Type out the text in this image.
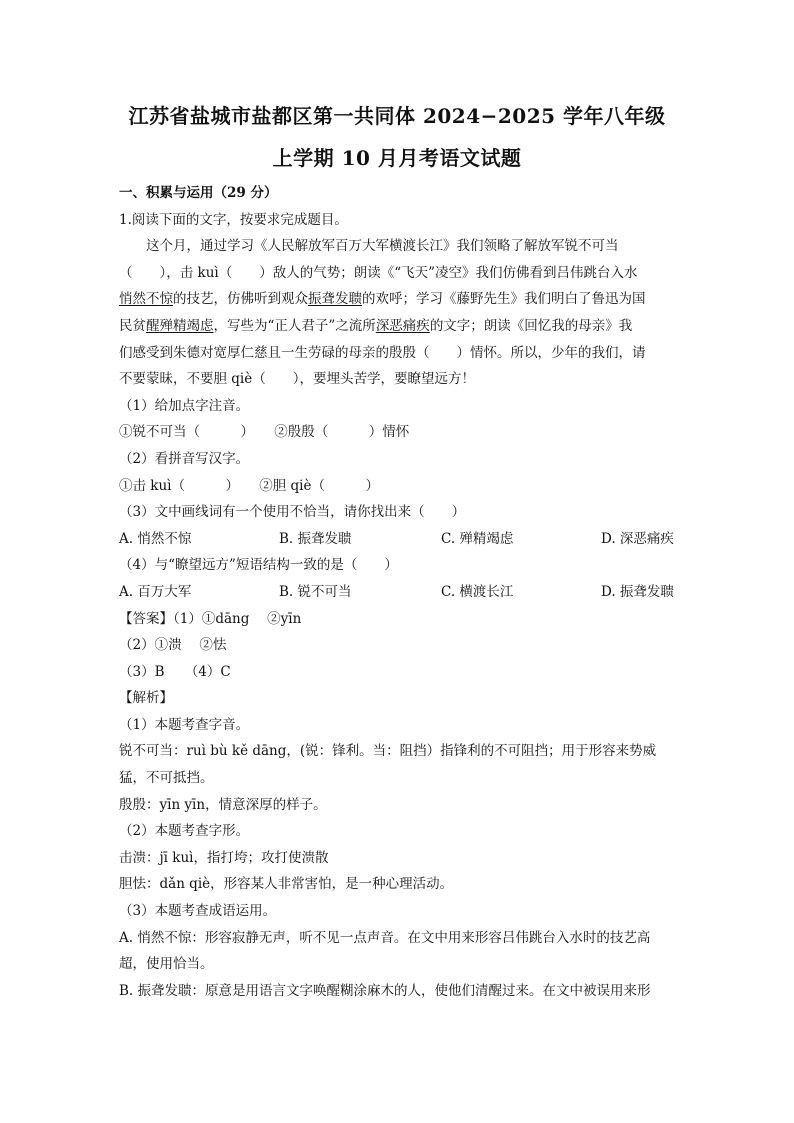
江苏省盐城市盐都区第一共同体 2024−2025 学年八年级
上学期 10 月月考语文试题
一、积累与运用（29 分）
1.阅读下面的文字，按要求完成题目。
这个月，通过学习《人民解放军百万大军横渡长江》我们领略了解放军锐不可当
（　　），击 kuì（　　）敌人的气势；朗读《“飞天”凌空》我们仿佛看到吕伟跳台入水
悄然不惊的技艺，仿佛听到观众振聋发聩的欢呼；学习《藤野先生》我们明白了鲁迅为国
民贫醒殚精竭虑，写些为“正人君子”之流所深恶痛疾的文字；朗读《回忆我的母亲》我
们感受到朱德对宽厚仁慈且一生劳碌的母亲的殷殷（　　）情怀。所以，少年的我们，请
不要蒙昧，不要胆 qiè（　　），要埋头苦学，要瞭望远方！
（1）给加点字注音。
①锐不可当（　　　）　　②殷殷（　　　）情怀
（2）看拼音写汉字。
①击 kuì（　　　）　　②胆 qiè（　　　）
（3）文中画线词有一个使用不恰当，请你找出来（　　）
A. 悄然不惊	B. 振聋发聩	C. 殚精竭虑	D. 深恶痛疾
（4）与“瞭望远方”短语结构一致的是（　　）
A. 百万大军	B. 锐不可当	C. 横渡长江	D. 振聋发聩
【答案】（1）①dāng　 ②yīn
（2）①溃　 ②怯
（3）B　　（4）C
【解析】
（1）本题考查字音。
锐不可当：ruì bù kě dāng，(锐：锋利。当：阻挡）指锋利的不可阻挡；用于形容来势威
猛，不可抵挡。
殷殷：yīn yīn，情意深厚的样子。
（2）本题考查字形。
击溃：jī kuì，指打垮；攻打使溃散
胆怯：dǎn qiè，形容某人非常害怕，是一种心理活动。
（3）本题考查成语运用。
A. 悄然不惊：形容寂静无声，听不见一点声音。在文中用来形容吕伟跳台入水时的技艺高
超，使用恰当。
B. 振聋发聩：原意是用语言文字唤醒糊涂麻木的人，使他们清醒过来。在文中被误用来形
